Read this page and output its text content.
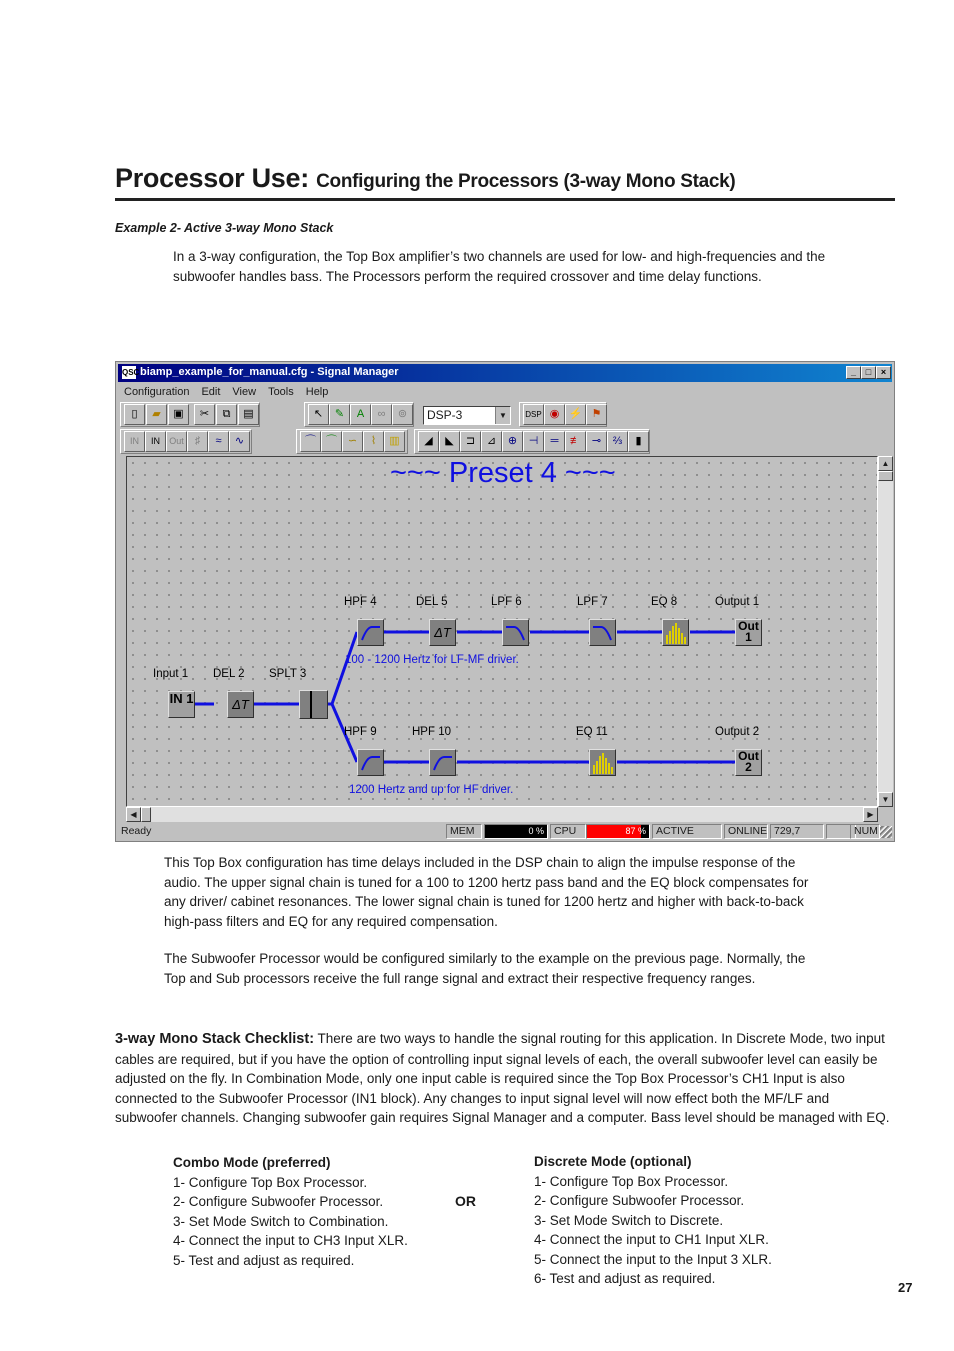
Processor Use: Configuring the Processors (3-way Mono Stack)
Example 2- Active 3-way Mono Stack
In a 3-way configuration, the Top Box amplifier’s two channels are used for low- and high-frequencies and the subwoofer handles bass. The Processors perform the required crossover and time delay functions.
QSC biamp_example_for_manual.cfg - Signal Manager	_	□	×
Configuration Edit View Tools Help
▯	▰	▣	✂	⧉	▤	↖	✎	A	∞	⊚	DSP-3	▼	DSP ◉ ⚡ ⚑
IN	IN	Out	♯	≈	∿	⌒ ⌒ ∽	⌇	▥	◢	◣	⊐	⊿	⊕	⊣	═	≢ ⊸	⅔	▮
~~~ Preset 4 ~~~
HPF 4	DEL 5
ΔT
LPF 6	LPF 7	EQ 8	Output 1
Out 1
100 - 1200 Hertz for LF-MF driver.
Input 1
IN 1
DEL 2
ΔT
SPLT 3
HPF 9	HPF 10	EQ 11	Output 2
Out 2
1200 Hertz and up for HF driver.
▲
▼
◀	▶
Ready	MEM	0 % CPU	87 % ACTIVE	ONLINE 729,7	NUM
This Top Box configuration has time delays included in the DSP chain to align the impulse response of the audio. The upper signal chain is tuned for a 100 to 1200 hertz pass band and the EQ block compensates for any driver/ cabinet resonances. The lower signal chain is tuned for 1200 hertz and higher with back-to-back high-pass filters and EQ for any required compensation.
The Subwoofer Processor would be configured similarly to the example on the previous page. Normally, the Top and Sub processors receive the full range signal and extract their respective frequency ranges.
3-way Mono Stack Checklist: There are two ways to handle the signal routing for this application. In Discrete Mode, two input cables are required, but if you have the option of controlling input signal levels of each, the overall subwoofer level can easily be adjusted on the fly. In Combination Mode, only one input cable is required since the Top Box Processor’s CH1 Input is also connected to the Subwoofer Processor (IN1 block). Any changes to input signal level will now effect both the MF/LF and subwoofer channels. Changing subwoofer gain requires Signal Manager and a computer. Bass level should be managed with EQ.
Combo Mode (preferred)
1- Configure Top Box Processor.
2- Configure Subwoofer Processor.
3- Set Mode Switch to Combination.
4- Connect the input to CH3 Input XLR.
5- Test and adjust as required.
OR
Discrete Mode (optional)
1- Configure Top Box Processor.
2- Configure Subwoofer Processor.
3- Set Mode Switch to Discrete.
4- Connect the input to CH1 Input XLR.
5- Connect the input to the Input 3 XLR.
6- Test and adjust as required.
27
